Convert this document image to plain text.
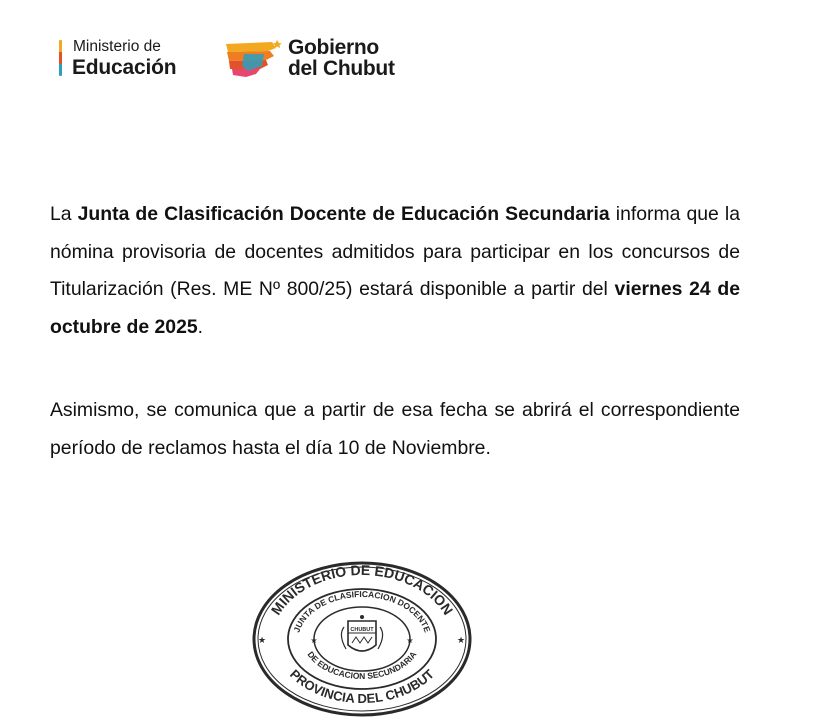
Ministerio de
Educación
Gobierno
del Chubut
La Junta de Clasificación Docente de Educación Secundaria informa que la nómina provisoria de docentes admitidos para participar en los concursos de Titularización (Res. ME Nº 800/25) estará disponible a partir del viernes 24 de octubre de 2025.
Asimismo, se comunica que a partir de esa fecha se abrirá el correspondiente período de reclamos hasta el día 10 de Noviembre.
MINISTERIO DE EDUCACION
JUNTA DE CLASIFICACION DOCENTE
DE EDUCACION SECUNDARIA
PROVINCIA DEL CHUBUT
CHUBUT
★	★
★	★
